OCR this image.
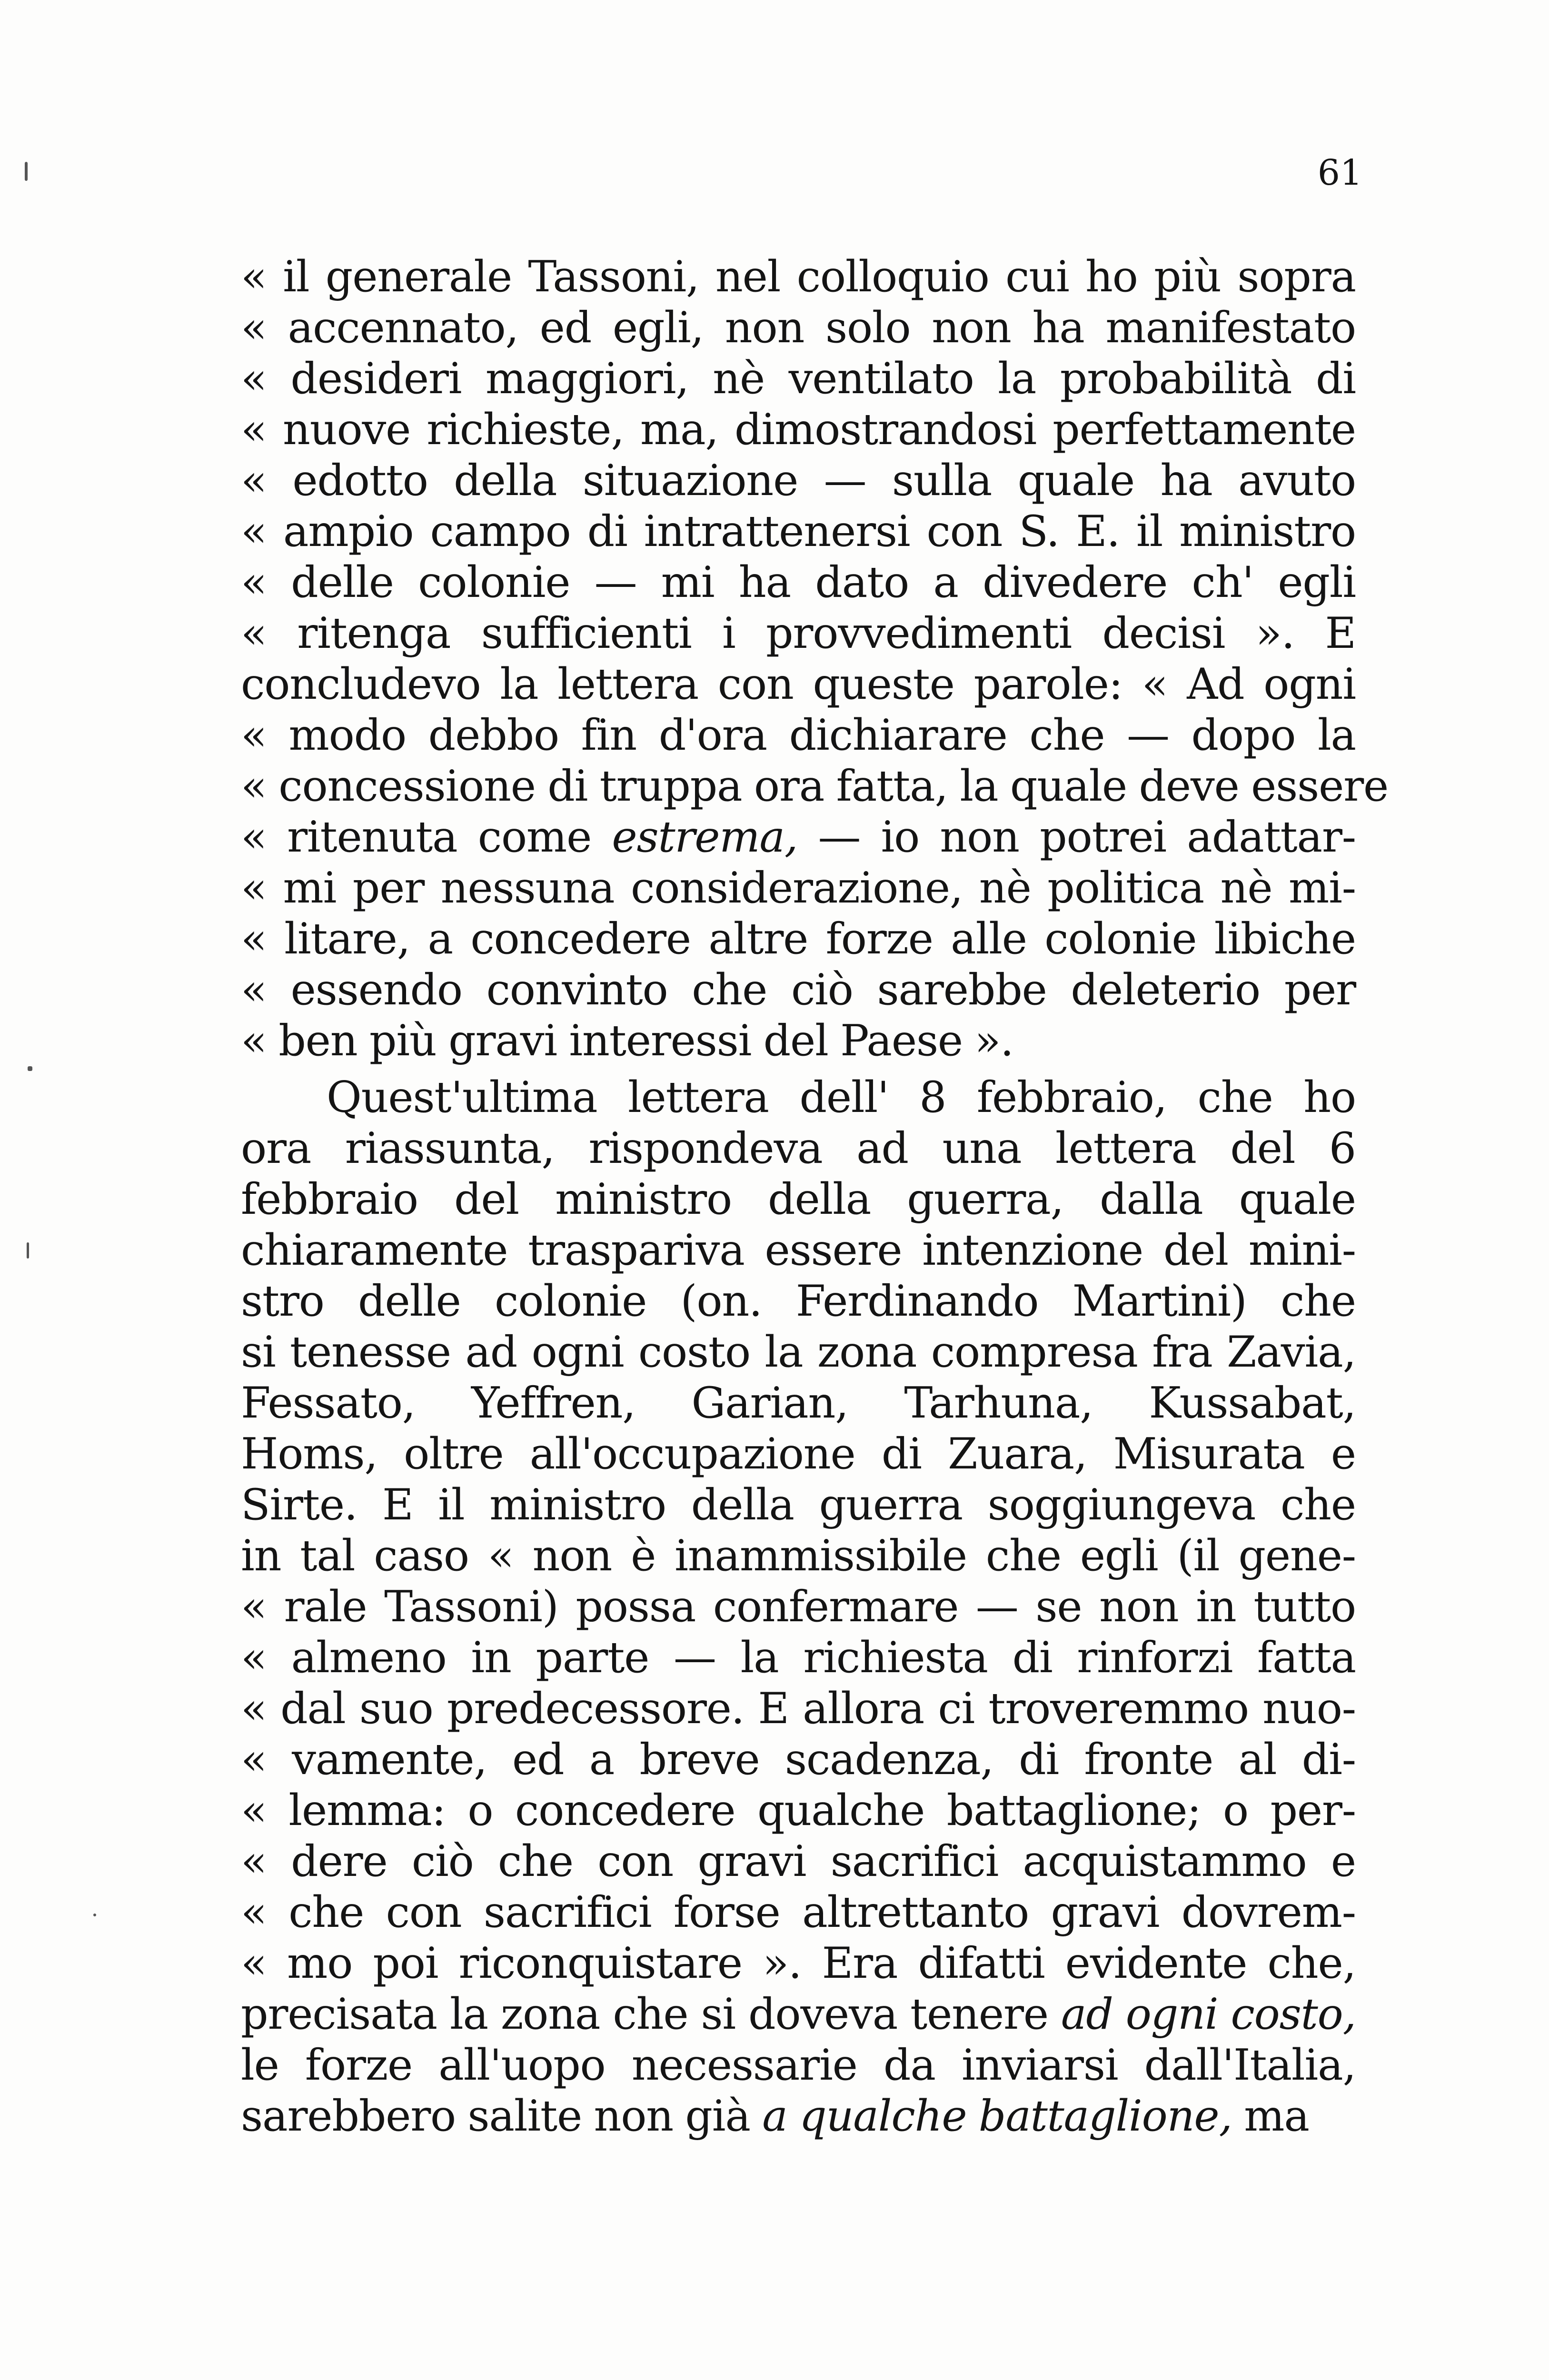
61
« il generale Tassoni, nel colloquio cui ho più sopra
« accennato, ed egli, non solo non ha manifestato
« desideri maggiori, nè ventilato la probabilità di
« nuove richieste, ma, dimostrandosi perfettamente
« edotto della situazione — sulla quale ha avuto
« ampio campo di intrattenersi con S. E. il ministro
« delle colonie — mi ha dato a divedere ch' egli
« ritenga sufficienti i provvedimenti decisi ». E
concludevo la lettera con queste parole: « Ad ogni
« modo debbo fin d'ora dichiarare che — dopo la
« concessione di truppa ora fatta, la quale deve essere
« ritenuta come estrema, — io non potrei adattar-
« mi per nessuna considerazione, nè politica nè mi-
« litare, a concedere altre forze alle colonie libiche
« essendo convinto che ciò sarebbe deleterio per
« ben più gravi interessi del Paese ».
Quest'ultima lettera dell' 8 febbraio, che ho
ora riassunta, rispondeva ad una lettera del 6
febbraio del ministro della guerra, dalla quale
chiaramente traspariva essere intenzione del mini-
stro delle colonie (on. Ferdinando Martini) che
si tenesse ad ogni costo la zona compresa fra Zavia,
Fessato, Yeffren, Garian, Tarhuna, Kussabat,
Homs, oltre all'occupazione di Zuara, Misurata e
Sirte. E il ministro della guerra soggiungeva che
in tal caso « non è inammissibile che egli (il gene-
« rale Tassoni) possa confermare — se non in tutto
« almeno in parte — la richiesta di rinforzi fatta
« dal suo predecessore. E allora ci troveremmo nuo-
« vamente, ed a breve scadenza, di fronte al di-
« lemma: o concedere qualche battaglione; o per-
« dere ciò che con gravi sacrifici acquistammo e
« che con sacrifici forse altrettanto gravi dovrem-
« mo poi riconquistare ». Era difatti evidente che,
precisata la zona che si doveva tenere ad ogni costo,
le forze all'uopo necessarie da inviarsi dall'Italia,
sarebbero salite non già a qualche battaglione, ma
